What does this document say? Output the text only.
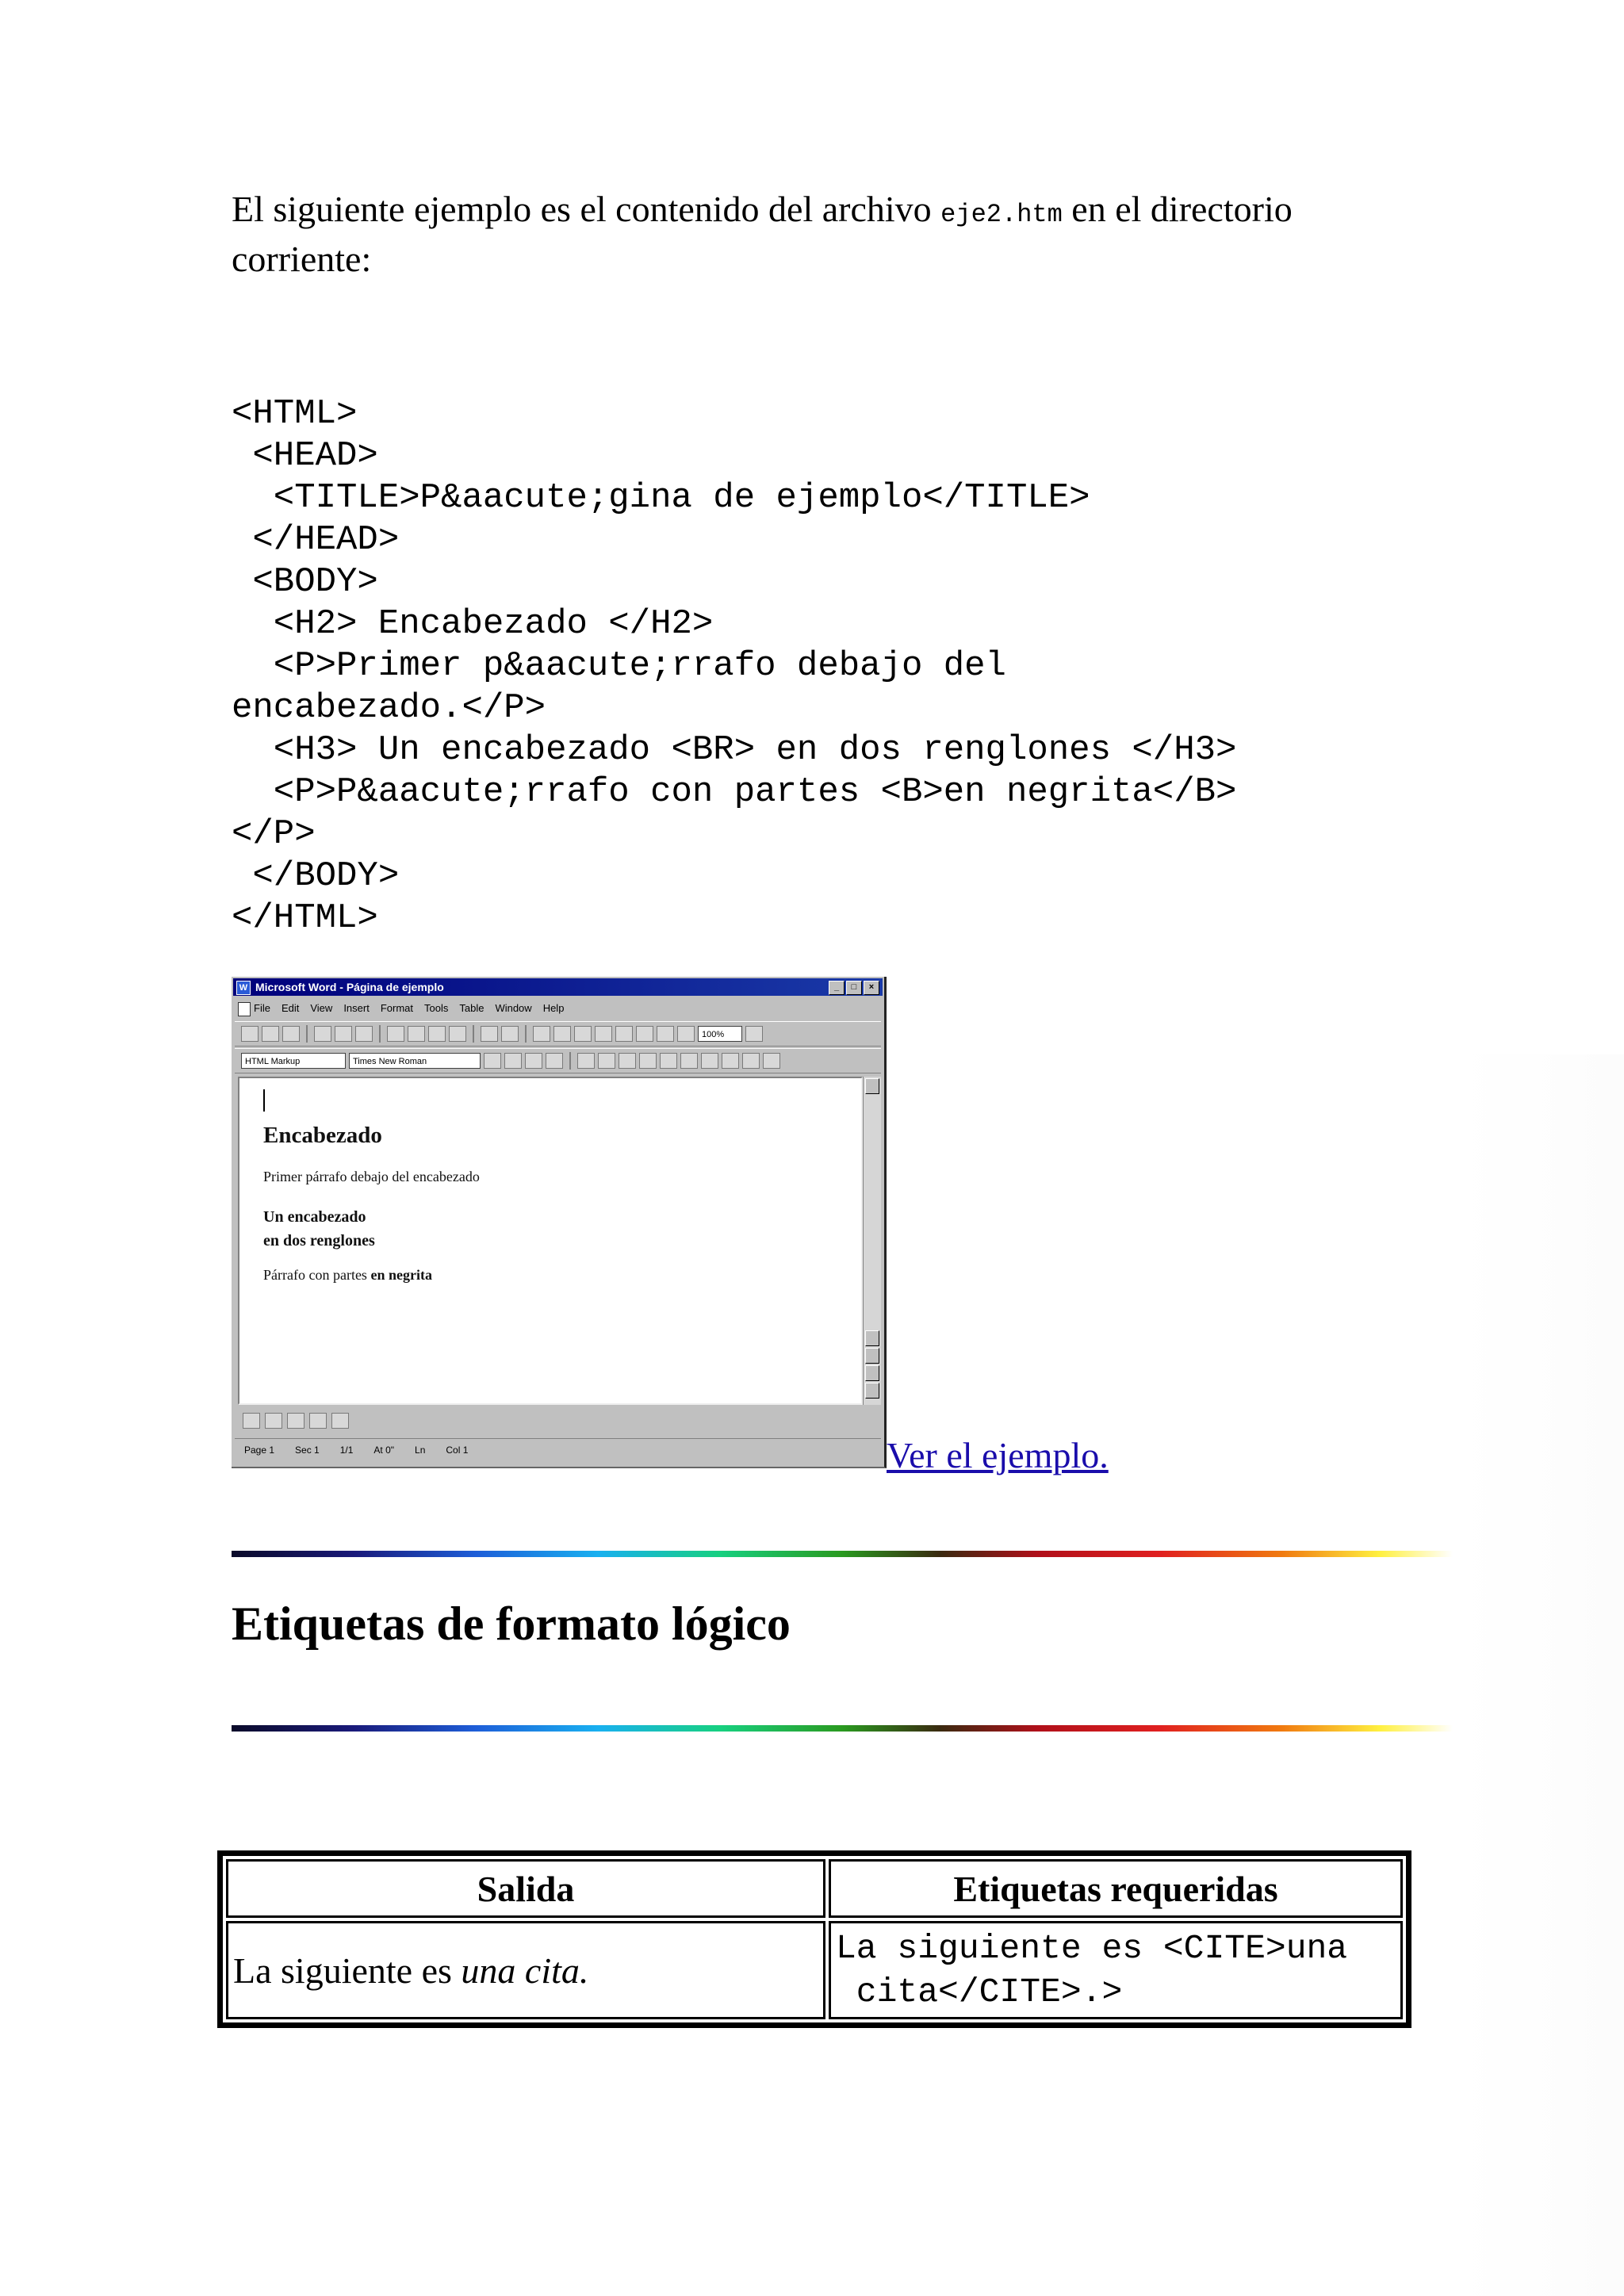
El siguiente ejemplo es el contenido del archivo eje2.htm en el directorio corriente:

<HTML>
<HEAD>
<TITLE>P&aacute;gina de ejemplo</TITLE>
</HEAD>
<BODY>
<H2> Encabezado </H2>
<P>Primer p&aacute;rrafo debajo del
encabezado.</P>
<H3> Un encabezado <BR> en dos renglones </H3>
<P>P&aacute;rrafo con partes <B>en negrita</B>
</P>
</BODY>
</HTML>
W Microsoft Word - Página de ejemplo	_	□	×
File Edit View Insert Format Tools Table Window Help
100%
HTML Markup	Times New Roman
Encabezado
Primer párrafo debajo del encabezado
Un encabezado
en dos renglones
Párrafo con partes en negrita
Page 1 Sec 1 1/1 At 0" Ln Col 1	Ver el ejemplo.
Etiquetas de formato lógico
Salida	Etiquetas requeridas
La siguiente es una cita.	La siguiente es <CITE>una
cita</CITE>.>
